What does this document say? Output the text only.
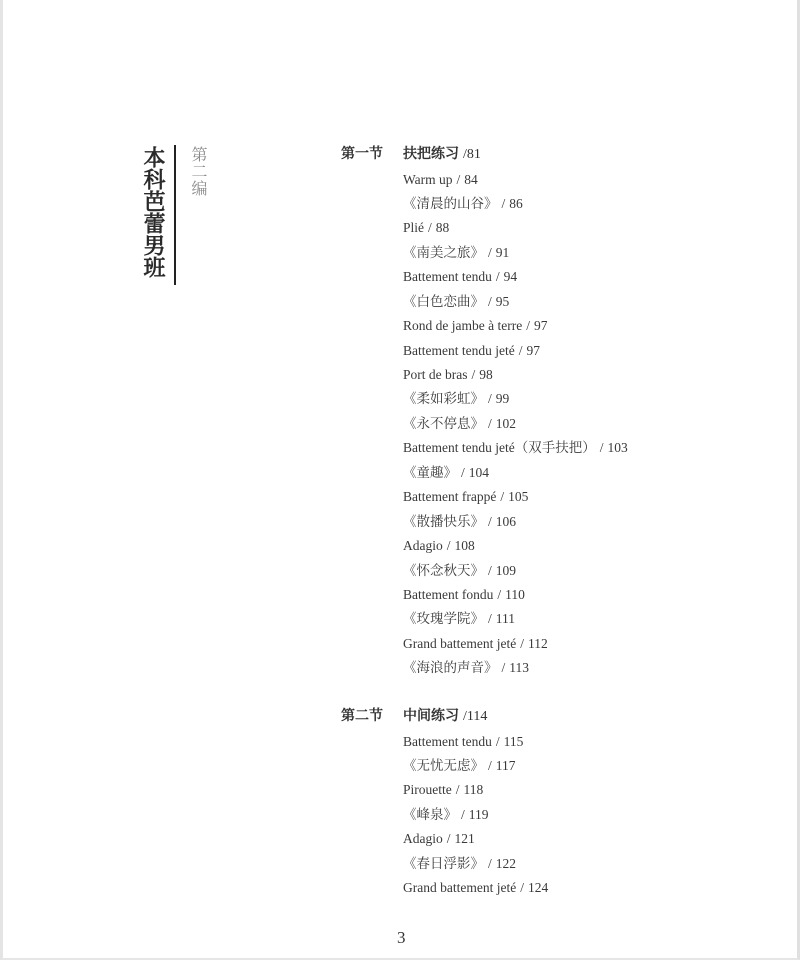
本科芭蕾男班 第二编	第一节	扶把练习 /81
Warm up / 84
《清晨的山谷》 / 86
Plié / 88
《南美之旅》 / 91
Battement tendu / 94
《白色恋曲》 / 95
Rond de jambe à terre / 97
Battement tendu jeté / 97
Port de bras / 98
《柔如彩虹》 / 99
《永不停息》 / 102
Battement tendu jeté（双手扶把） / 103
《童趣》 / 104
Battement frappé / 105
《散播快乐》 / 106
Adagio / 108
《怀念秋天》 / 109
Battement fondu / 110
《玫瑰学院》 / 111
Grand battement jeté / 112
《海浪的声音》 / 113
第二节	中间练习 /114
Battement tendu / 115
《无忧无虑》 / 117
Pirouette / 118
《峰泉》 / 119
Adagio / 121
《春日浮影》 / 122
Grand battement jeté / 124
3
